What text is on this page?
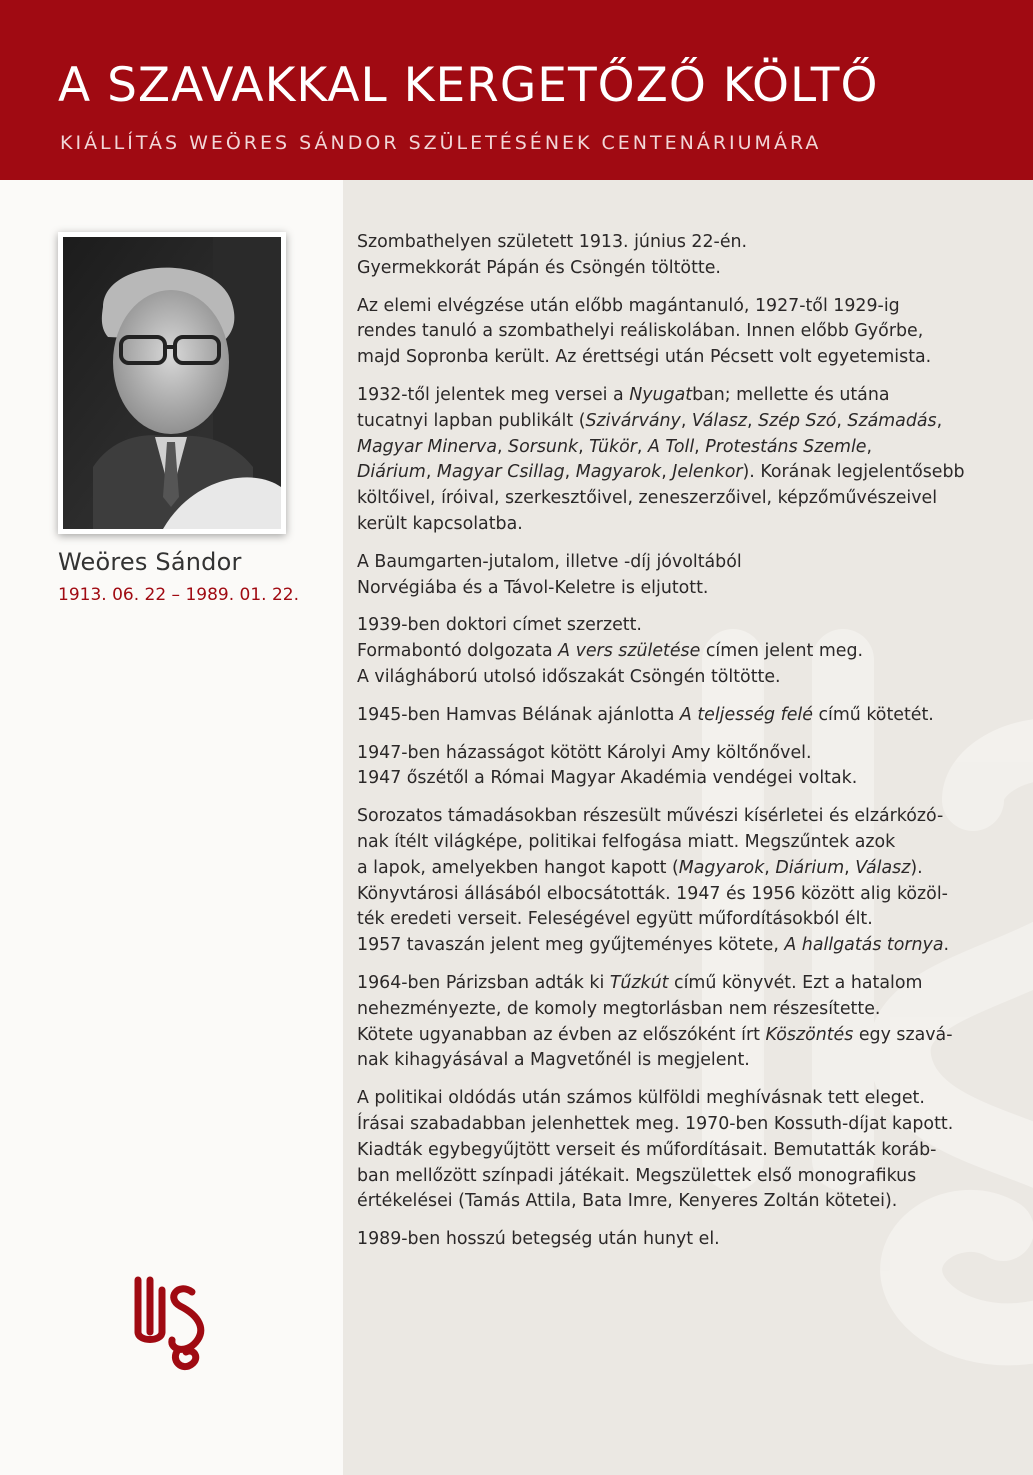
A SZAVAKKAL KERGETŐZŐ KÖLTŐ
KIÁLLÍTÁS WEÖRES SÁNDOR SZÜLETÉSÉNEK CENTENÁRIUMÁRA
Weöres Sándor
1913. 06. 22 – 1989. 01. 22.

Szombathelyen született 1913. június 22-én.
Gyermekkorát Pápán és Csöngén töltötte.

Az elemi elvégzése után előbb magántanuló, 1927-től 1929-ig
rendes tanuló a szombathelyi reáliskolában. Innen előbb Győrbe,
majd Sopronba került. Az érettségi után Pécsett volt egyetemista.

1932-től jelentek meg versei a Nyugatban; mellette és utána
tucatnyi lapban publikált (Szivárvány, Válasz, Szép Szó, Számadás,
Magyar Minerva, Sorsunk, Tükör, A Toll, Protestáns Szemle,
Diárium, Magyar Csillag, Magyarok, Jelenkor). Korának legjelentősebb
költőivel, íróival, szerkesztőivel, zeneszerzőivel, képzőművészeivel
került kapcsolatba.

A Baumgarten-jutalom, illetve -díj jóvoltából
Norvégiába és a Távol-Keletre is eljutott.

1939-ben doktori címet szerzett.
Formabontó dolgozata A vers születése címen jelent meg.
A világháború utolsó időszakát Csöngén töltötte.

1945-ben Hamvas Bélának ajánlotta A teljesség felé című kötetét.

1947-ben házasságot kötött Károlyi Amy költőnővel.
1947 őszétől a Római Magyar Akadémia vendégei voltak.

Sorozatos támadásokban részesült művészi kísérletei és elzárkózó-
nak ítélt világképe, politikai felfogása miatt. Megszűntek azok
a lapok, amelyekben hangot kapott (Magyarok, Diárium, Válasz).
Könyvtárosi állásából elbocsátották. 1947 és 1956 között alig közöl-
ték eredeti verseit. Feleségével együtt műfordításokból élt.
1957 tavaszán jelent meg gyűjteményes kötete, A hallgatás tornya.

1964-ben Párizsban adták ki Tűzkút című könyvét. Ezt a hatalom
nehezményezte, de komoly megtorlásban nem részesítette.
Kötete ugyanabban az évben az előszóként írt Köszöntés egy szavá-
nak kihagyásával a Magvetőnél is megjelent.

A politikai oldódás után számos külföldi meghívásnak tett eleget.
Írásai szabadabban jelenhettek meg. 1970-ben Kossuth-díjat kapott.
Kiadták egybegyűjtött verseit és műfordításait. Bemutatták koráb-
ban mellőzött színpadi játékait. Megszülettek első monografikus
értékelései (Tamás Attila, Bata Imre, Kenyeres Zoltán kötetei).

1989-ben hosszú betegség után hunyt el.
